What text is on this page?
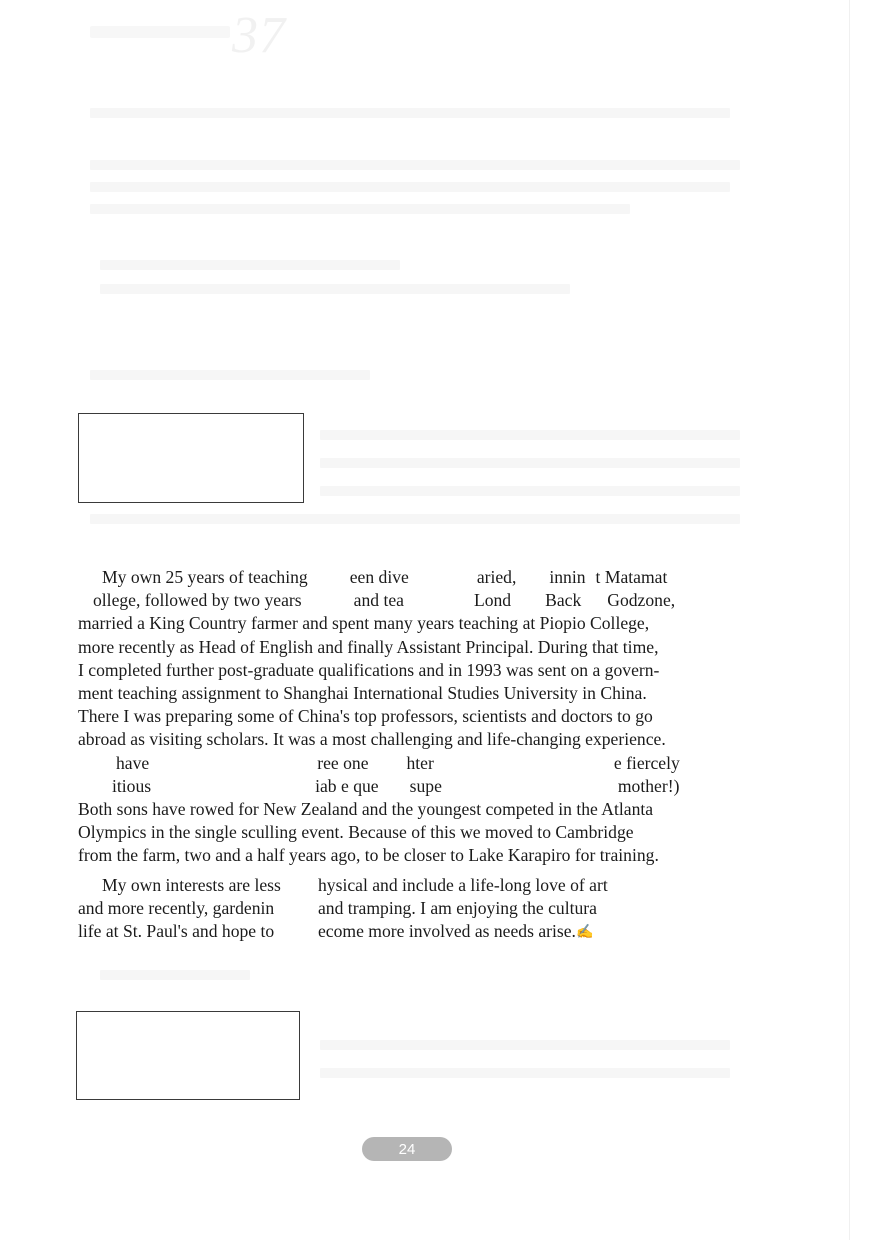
37
My own 25 years of teaching een dive	aried, innin t Matamat
ollege, followed by two years	and tea	Lond Back Godzone,
married a King Country farmer and spent many years teaching at Piopio College,
more recently as Head of English and finally Assistant Principal. During that time,
I completed further post-graduate qualifications and in 1993 was sent on a govern-
ment teaching assignment to Shanghai International Studies University in China.
There I was preparing some of China's top professors, scientists and doctors to go
abroad as visiting scholars. It was a most challenging and life-changing experience.
have	ree one hter	e fiercely
itious	iab e que supe	mother!)
Both sons have rowed for New Zealand and the youngest competed in the Atlanta
Olympics in the single sculling event. Because of this we moved to Cambridge
from the farm, two and a half years ago, to be closer to Lake Karapiro for training.
My own interests are less
and more recently, gardenin
life at St. Paul's and hope to
hysical and include a life-long love of art
and tramping. I am enjoying the cultura
ecome more involved as needs arise.✍
24
